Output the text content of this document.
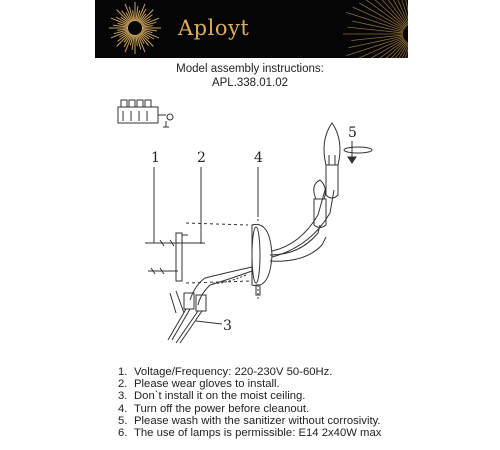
Aployt
Model assembly instructions:
APL.338.01.02
1	2	4
5
3
1. Voltage/Frequency: 220-230V 50-60Hz.
2. Please wear gloves to install.
3. Don`t install it on the moist ceiling.
4. Turn off the power before cleanout.
5. Please wash with the sanitizer without corrosivity.
6. The use of lamps is permissible: E14 2x40W max
